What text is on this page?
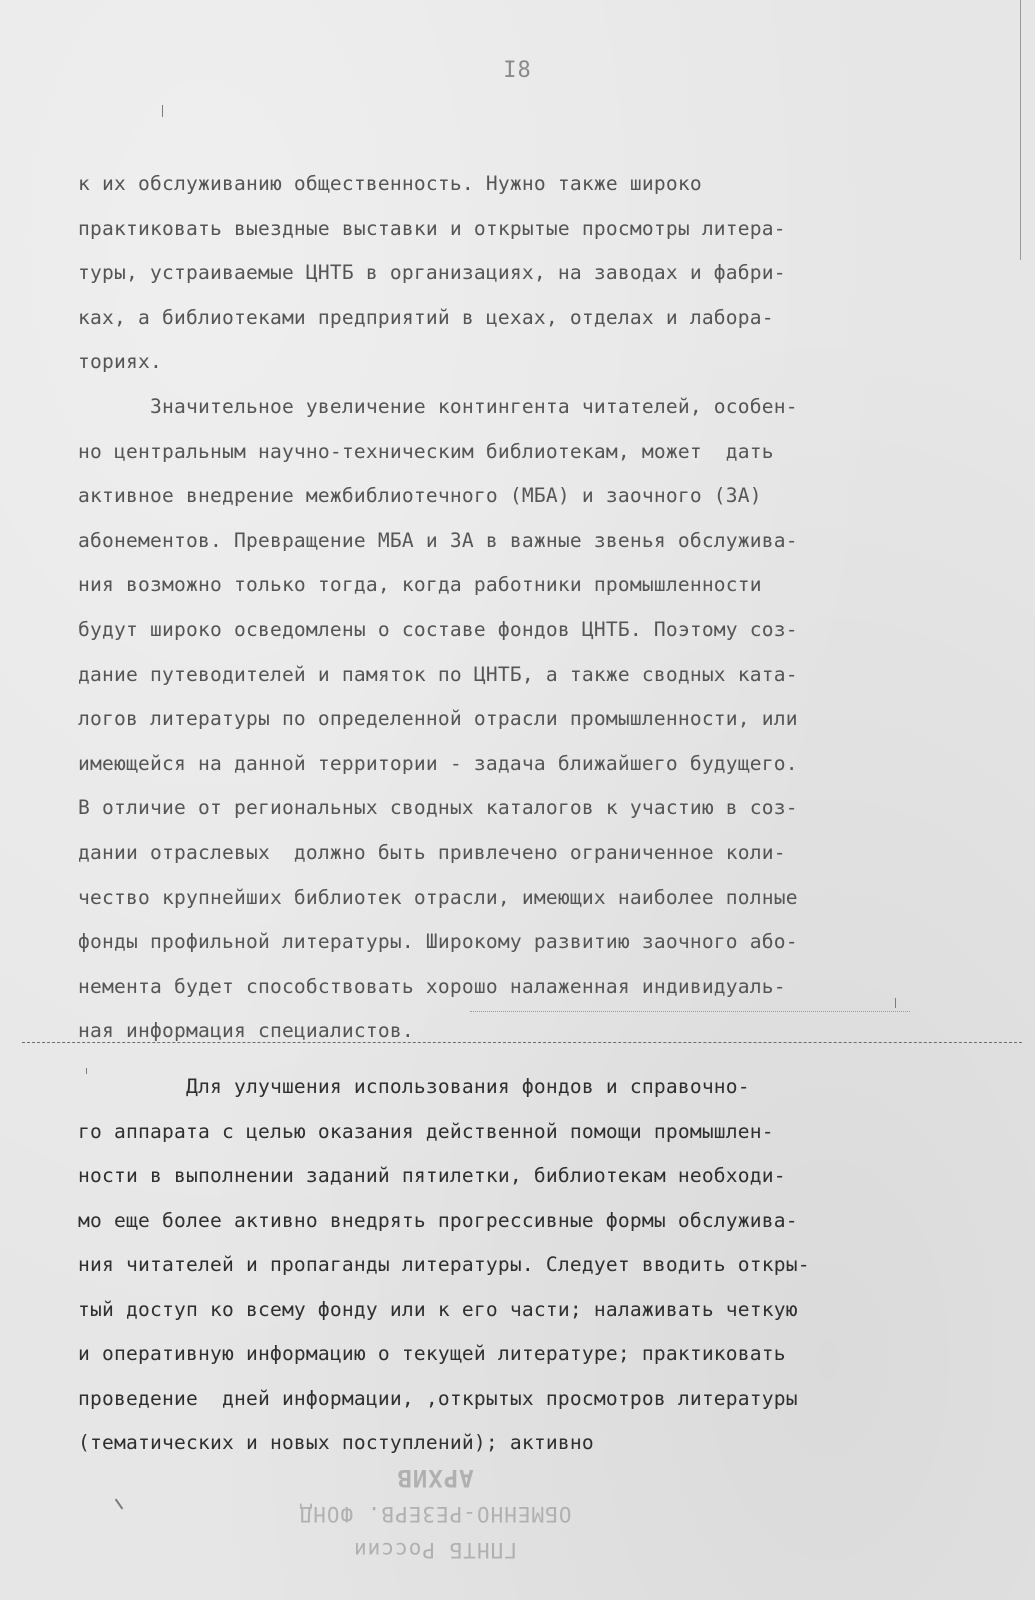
I8
к их обслуживанию общественность. Нужно также широко
практиковать выездные выставки и открытые просмотры литера-
туры, устраиваемые ЦНТБ в организациях, на заводах и фабри-
ках, а библиотеками предприятий в цехах, отделах и лабора-
ториях.
Значительное увеличение контингента читателей, особен-
но центральным научно-техническим библиотекам, может  дать
активное внедрение межбиблиотечного (МБА) и заочного (ЗА)
абонементов. Превращение МБА и ЗА в важные звенья обслужива-
ния возможно только тогда, когда работники промышленности
будут широко осведомлены о составе фондов ЦНТБ. Поэтому соз-
дание путеводителей и памяток по ЦНТБ, а также сводных ката-
логов литературы по определенной отрасли промышленности, или
имеющейся на данной территории - задача ближайшего будущего.
В отличие от региональных сводных каталогов к участию в соз-
дании отраслевых  должно быть привлечено ограниченное коли-
чество крупнейших библиотек отрасли, имеющих наиболее полные
фонды профильной литературы. Широкому развитию заочного або-
немента будет способствовать хорошо налаженная индивидуаль-
ная информация специалистов.
Для улучшения использования фондов и справочно-
го аппарата с целью оказания действенной помощи промышлен-
ности в выполнении заданий пятилетки, библиотекам необходи-
мо еще более активно внедрять прогрессивные формы обслужива-
ния читателей и пропаганды литературы. Следует вводить откры-
тый доступ ко всему фонду или к его части; налаживать четкую
и оперативную информацию о текущей литературе; практиковать
проведение  дней информации, ,открытых просмотров литературы
(тематических и новых поступлений); активно
ГПНТБ России
ОБМЕННО-РЕЗЕРВ. ФОНД
АРХИВ
